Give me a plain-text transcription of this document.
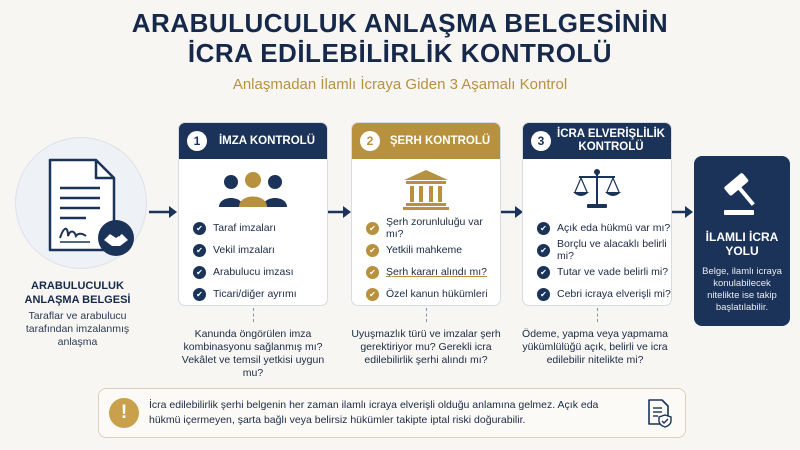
ARABULUCULUK ANLAŞMA BELGESİNİN
İCRA EDİLEBİLİRLİK KONTROLÜ
Anlaşmadan İlamlı İcraya Giden 3 Aşamalı Kontrol
ARABULUCULUK ANLAŞMA BELGESİ
Taraflar ve arabulucu tarafından imzalanmış anlaşma
1	İMZA KONTROLÜ
✔ Taraf imzaları
✔ Vekil imzaları
✔ Arabulucu imzası
✔ Ticari/diğer ayrımı
Kanunda öngörülen imza kombinasyonu sağlanmış mı? Vekâlet ve temsil yetkisi uygun mu?
2	ŞERH KONTROLÜ
✔ Şerh zorunluluğu var mı?
✔ Yetkili mahkeme
✔ Şerh kararı alındı mı?
✔ Özel kanun hükümleri
Uyuşmazlık türü ve imzalar şerh gerektiriyor mu? Gerekli icra edilebilirlik şerhi alındı mı?
3	İCRA ELVERİŞLİLİK KONTROLÜ
✔ Açık eda hükmü var mı?
✔ Borçlu ve alacaklı belirli mi?
✔ Tutar ve vade belirli mi?
✔ Cebri icraya elverişli mi?
Ödeme, yapma veya yapmama yükümlülüğü açık, belirli ve icra edilebilir nitelikte mi?
İLAMLI İCRA YOLU
Belge, ilamlı icraya konulabilecek nitelikte ise takip başlatılabilir.
!	İcra edilebilirlik şerhi belgenin her zaman ilamlı icraya elverişli olduğu anlamına gelmez. Açık eda hükmü içermeyen, şarta bağlı veya belirsiz hükümler takipte iptal riski doğurabilir.
